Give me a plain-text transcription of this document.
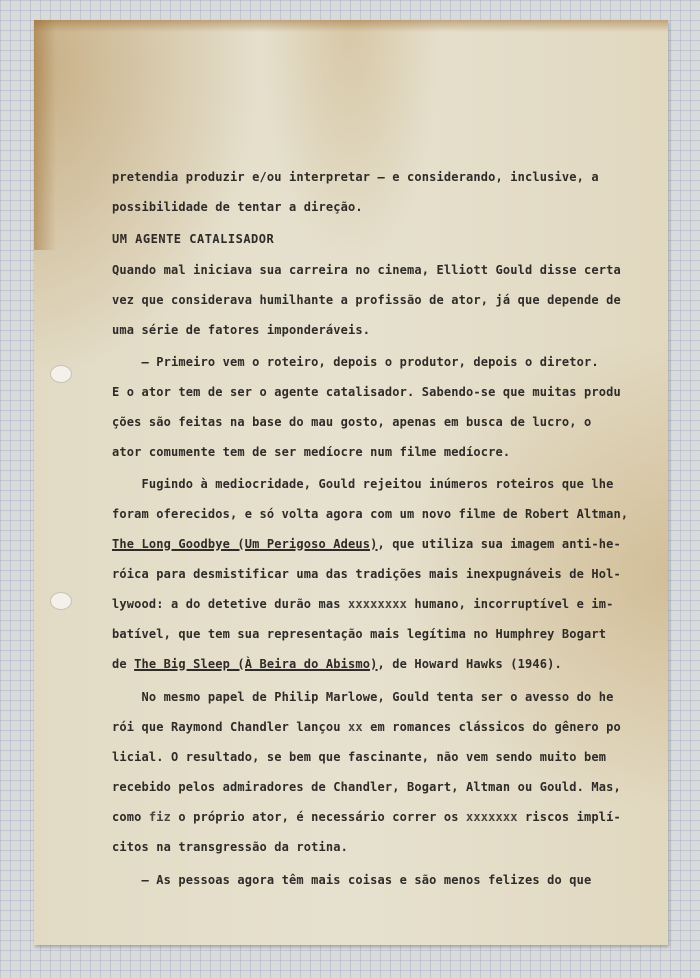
pretendia produzir e/ou interpretar — e considerando, inclusive, a
possibilidade de tentar a direção.
UM AGENTE CATALISADOR
Quando mal iniciava sua carreira no cinema, Elliott Gould disse certa
vez que considerava humilhante a profissão de ator, já que depende de
uma série de fatores imponderáveis.
— Primeiro vem o roteiro, depois o produtor, depois o diretor.
E o ator tem de ser o agente catalisador. Sabendo-se que muitas produ
ções são feitas na base do mau gosto, apenas em busca de lucro, o
ator comumente tem de ser medíocre num filme medíocre.
Fugindo à mediocridade, Gould rejeitou inúmeros roteiros que lhe
foram oferecidos, e só volta agora com um novo filme de Robert Altman,
The Long Goodbye (Um Perigoso Adeus), que utiliza sua imagem anti-he-
róica para desmistificar uma das tradições mais inexpugnáveis de Hol-
lywood: a do detetive durão mas xxxxxxxx humano, incorruptível e im-
batível, que tem sua representação mais legítima no Humphrey Bogart
de The Big Sleep (À Beira do Abismo), de Howard Hawks (1946).
No mesmo papel de Philip Marlowe, Gould tenta ser o avesso do he
rói que Raymond Chandler lançou xx em romances clássicos do gênero po
licial. O resultado, se bem que fascinante, não vem sendo muito bem
recebido pelos admiradores de Chandler, Bogart, Altman ou Gould. Mas,
como fiz o próprio ator, é necessário correr os xxxxxxx riscos implí-
citos na transgressão da rotina.
— As pessoas agora têm mais coisas e são menos felizes do que
